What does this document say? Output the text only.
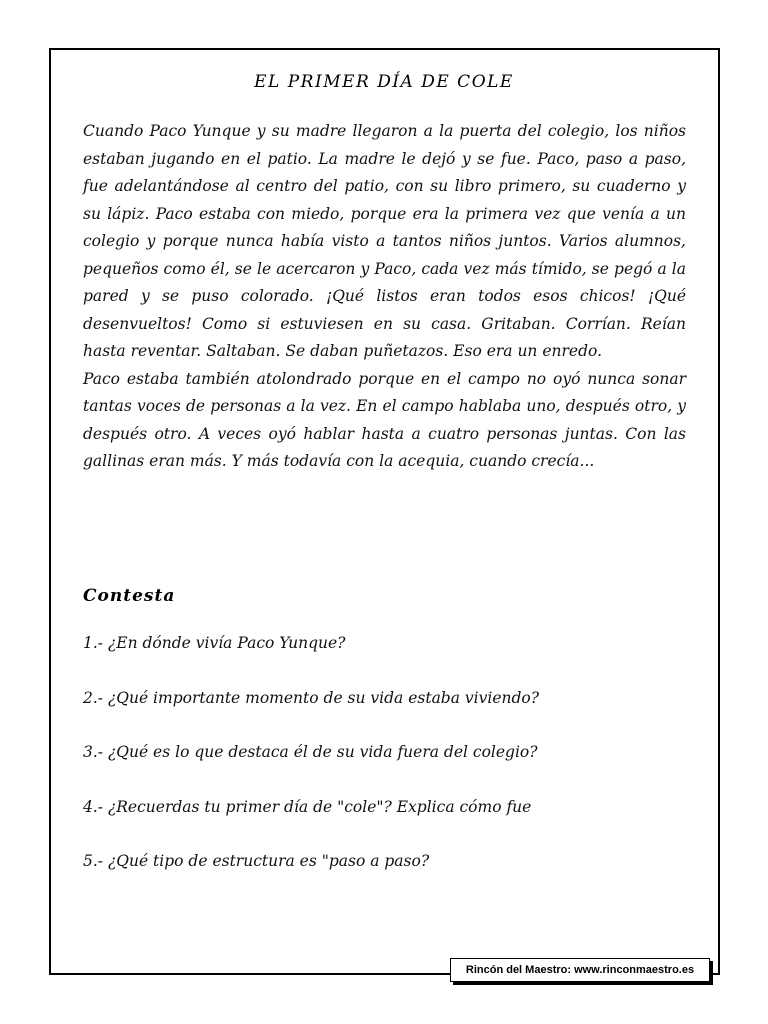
EL PRIMER DÍA DE COLE

Cuando Paco Yunque y su madre llegaron a la puerta del colegio, los niños estaban jugando en el patio. La madre le dejó y se fue. Paco, paso a paso, fue adelantándose al centro del patio, con su libro primero, su cuaderno y su lápiz. Paco estaba con miedo, porque era la primera vez que venía a un colegio y porque nunca había visto a tantos niños juntos. Varios alumnos, pequeños como él, se le acercaron y Paco, cada vez más tímido, se pegó a la pared y se puso colorado. ¡Qué listos eran todos esos chicos! ¡Qué desenvueltos! Como si estuviesen en su casa. Gritaban. Corrían. Reían hasta reventar. Saltaban. Se daban puñetazos. Eso era un enredo.

Paco estaba también atolondrado porque en el campo no oyó nunca sonar tantas voces de personas a la vez. En el campo hablaba uno, después otro, y después otro. A veces oyó hablar hasta a cuatro personas juntas. Con las gallinas eran más. Y más todavía con la acequia, cuando crecía...

Contesta
1.- ¿En dónde vivía Paco Yunque?
2.- ¿Qué importante momento de su vida estaba viviendo?
3.- ¿Qué es lo que destaca él de su vida fuera del colegio?
4.- ¿Recuerdas tu primer día de "cole"? Explica cómo fue
5.- ¿Qué tipo de estructura es "paso a paso?
Rincón del Maestro: www.rinconmaestro.es
